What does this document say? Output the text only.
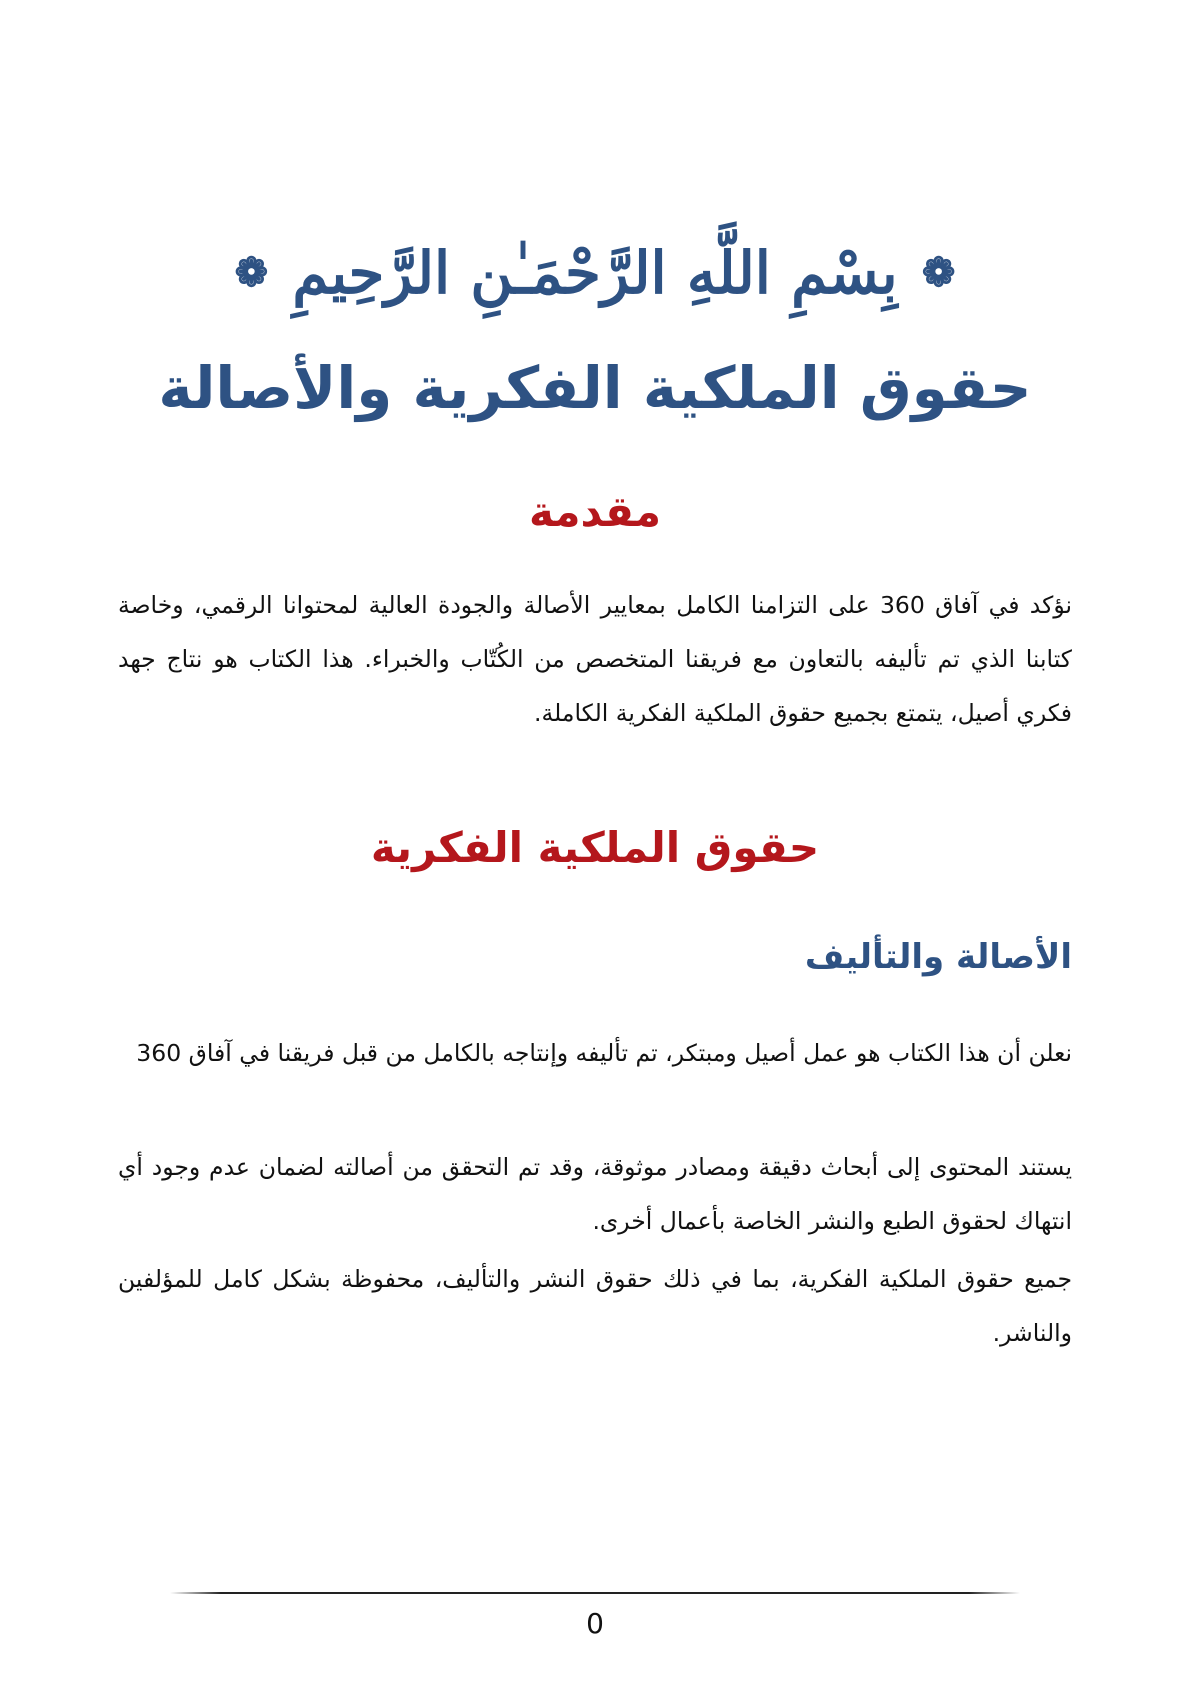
❁ بِسْمِ اللَّهِ الرَّحْمَـٰنِ الرَّحِيمِ ❁
حقوق الملكية الفكرية والأصالة
مقدمة

نؤكد في آفاق 360 على التزامنا الكامل بمعايير الأصالة والجودة العالية لمحتوانا الرقمي، وخاصة كتابنا الذي تم تأليفه بالتعاون مع فريقنا المتخصص من الكُتّاب والخبراء. هذا الكتاب هو نتاج جهد فكري أصيل، يتمتع بجميع حقوق الملكية الفكرية الكاملة.

حقوق الملكية الفكرية
الأصالة والتأليف

نعلن أن هذا الكتاب هو عمل أصيل ومبتكر، تم تأليفه وإنتاجه بالكامل من قبل فريقنا في آفاق 360

يستند المحتوى إلى أبحاث دقيقة ومصادر موثوقة، وقد تم التحقق من أصالته لضمان عدم وجود أي انتهاك لحقوق الطبع والنشر الخاصة بأعمال أخرى.

جميع حقوق الملكية الفكرية، بما في ذلك حقوق النشر والتأليف، محفوظة بشكل كامل للمؤلفين والناشر.

0
